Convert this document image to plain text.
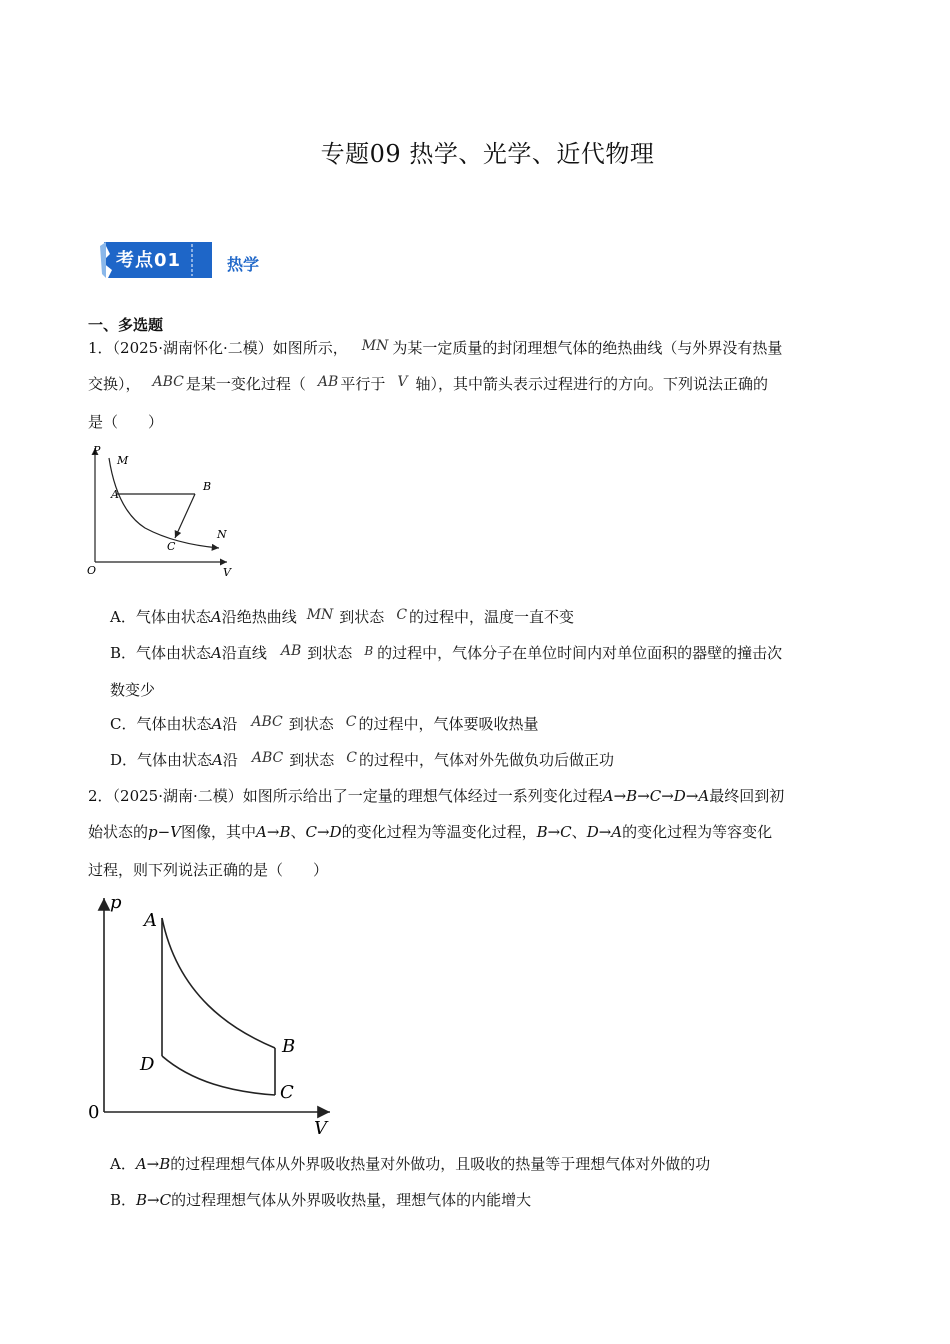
专题09 热学、光学、近代物理
考点01	热学
一、多选题
1．（2025·湖南怀化·二模）如图所示， MN 为某一定质量的封闭理想气体的绝热曲线（与外界没有热量
交换）， ABC 是某一变化过程（ AB 平行于 V 轴），其中箭头表示过程进行的方向。下列说法正确的
是（　　）
P
M
A
B
N
C
O	V
A．气体由状态A沿绝热曲线 MN 到状态 C 的过程中，温度一直不变
B．气体由状态A沿直线 AB 到状态 $^B$ 的过程中，气体分子在单位时间内对单位面积的器壁的撞击次
数变少
C．气体由状态A沿 ABC 到状态 C 的过程中，气体要吸收热量
D．气体由状态A沿 ABC 到状态 C 的过程中，气体对外先做负功后做正功
2．（2025·湖南·二模）如图所示给出了一定量的理想气体经过一系列变化过程A→B→C→D→A最终回到初
始状态的p−V图像，其中A→B、C→D的变化过程为等温变化过程，B→C、D→A的变化过程为等容变化
过程，则下列说法正确的是（　　）
p
A
B
D
C
0
V
A．A→B的过程理想气体从外界吸收热量对外做功，且吸收的热量等于理想气体对外做的功
B．B→C的过程理想气体从外界吸收热量，理想气体的内能增大
